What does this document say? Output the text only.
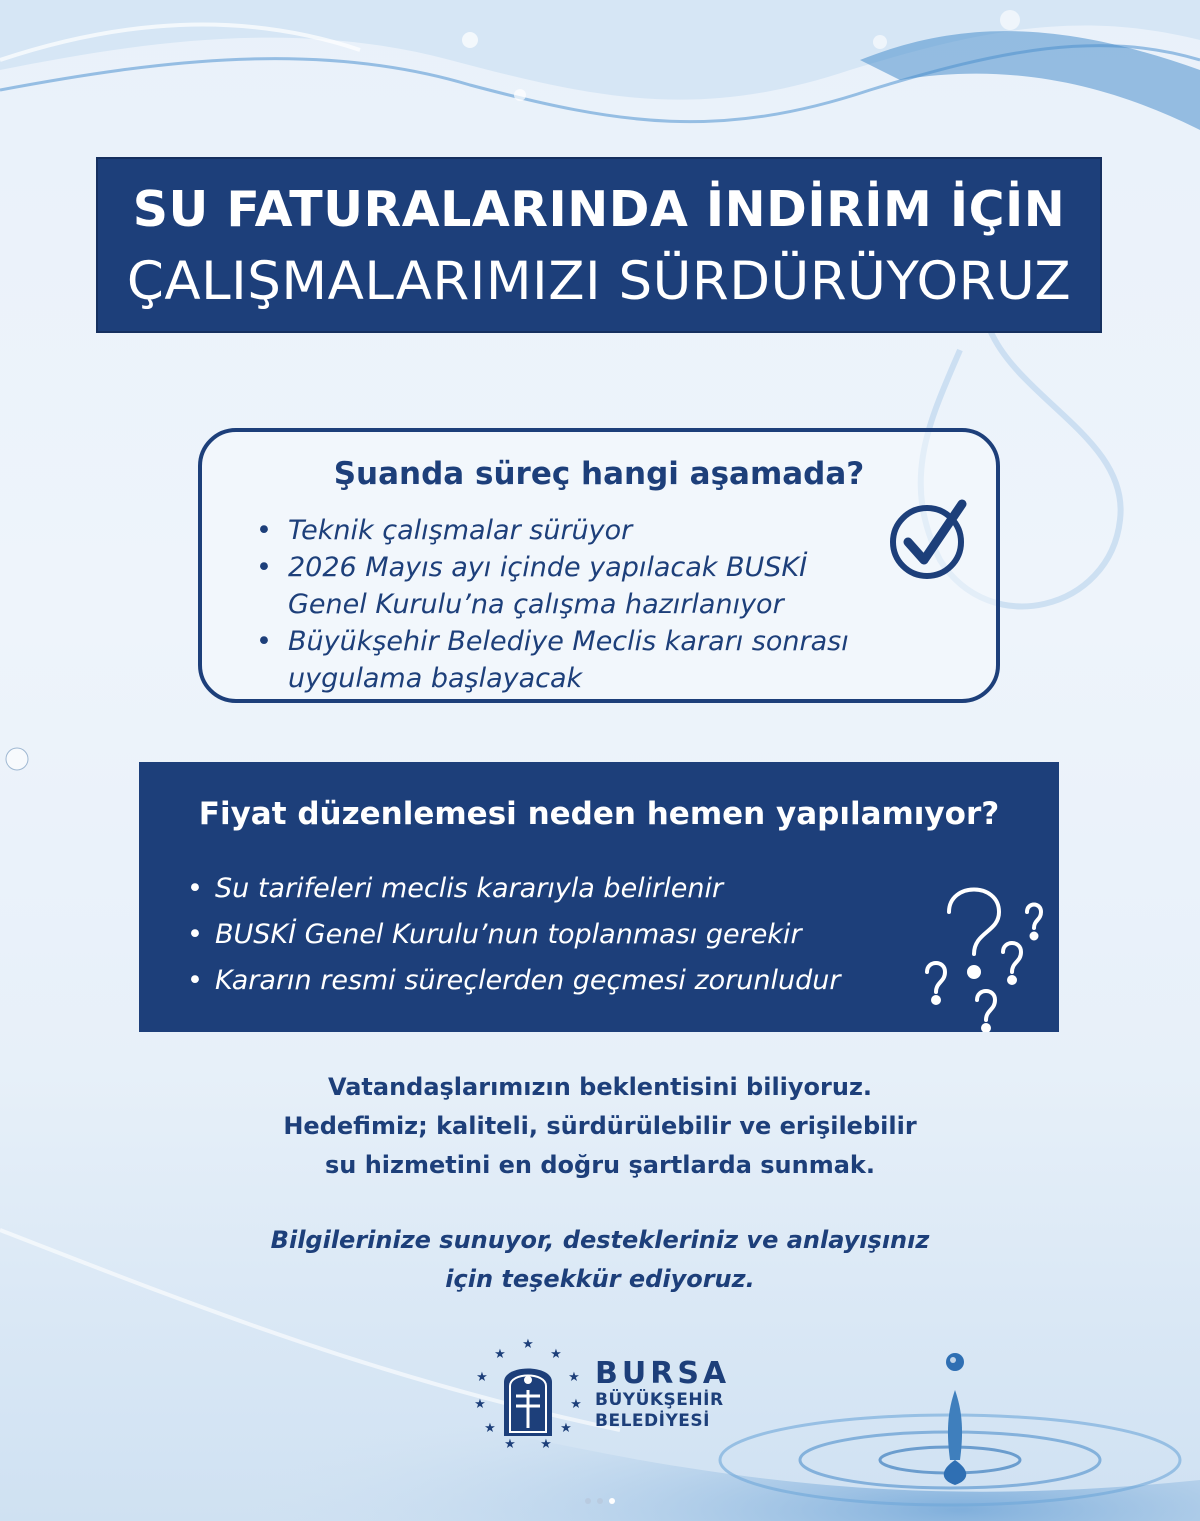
SU FATURALARINDA İNDİRİM İÇİN
ÇALIŞMALARIMIZI SÜRDÜRÜYORUZ
Şuanda süreç hangi aşamada?
• Teknik çalışmalar sürüyor
• 2026 Mayıs ayı içinde yapılacak BUSKİ Genel Kurulu’na çalışma hazırlanıyor
• Büyükşehir Belediye Meclis kararı sonrası uygulama başlayacak
Fiyat düzenlemesi neden hemen yapılamıyor?
• Su tarifeleri meclis kararıyla belirlenir
• BUSKİ Genel Kurulu’nun toplanması gerekir
• Kararın resmi süreçlerden geçmesi zorunludur
Vatandaşlarımızın beklentisini biliyoruz.
Hedefimiz; kaliteli, sürdürülebilir ve erişilebilir
su hizmetini en doğru şartlarda sunmak.
Bilgilerinize sunuyor, destekleriniz ve anlayışınız
için teşekkür ediyoruz.
★
★	★
★	★
★	★
★	★
★ ★
BURSA
BÜYÜKŞEHİR
BELEDİYESİ
